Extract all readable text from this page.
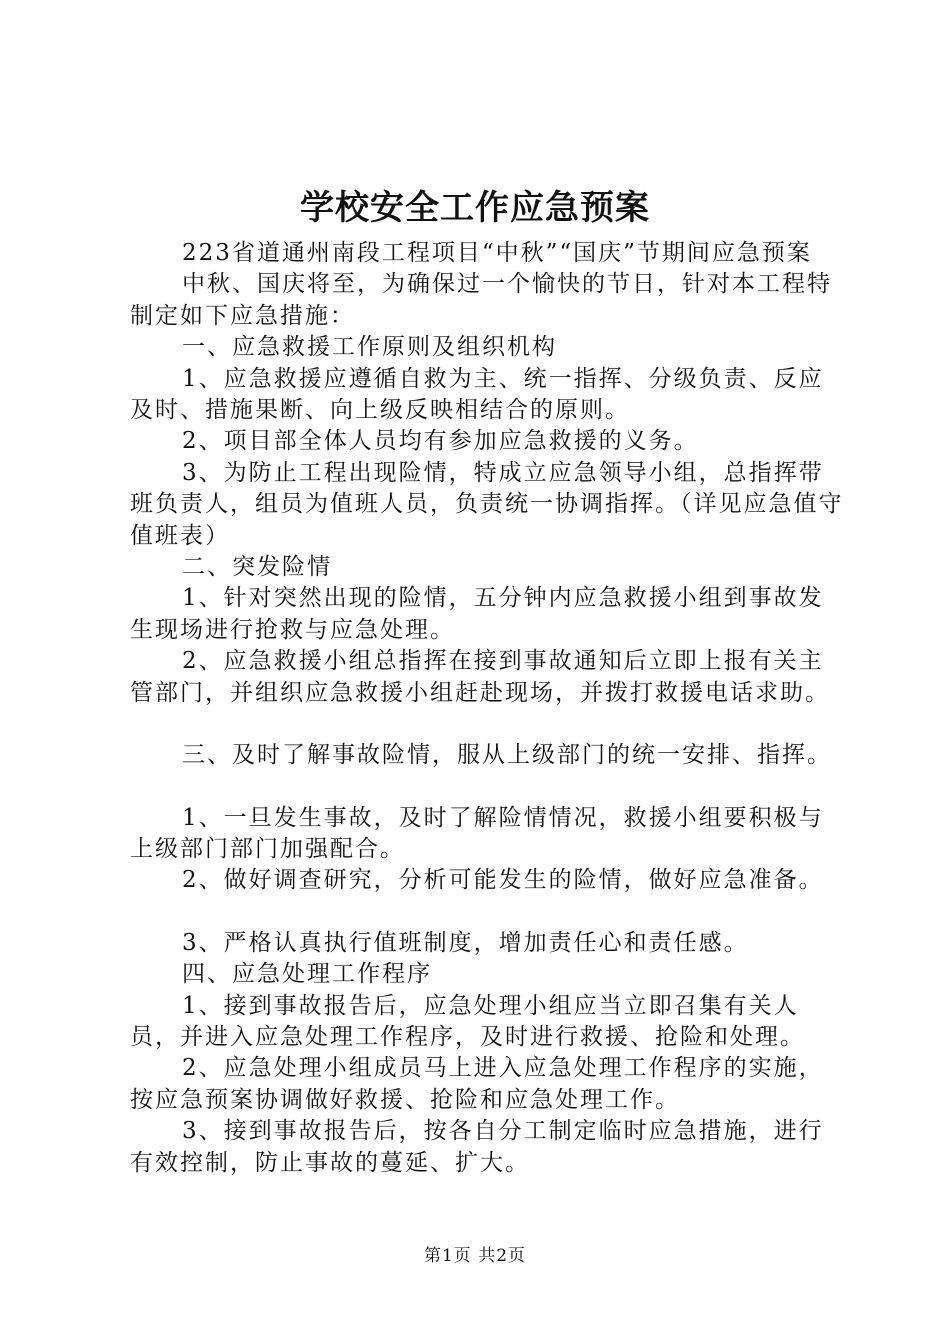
学校安全工作应急预案

223省道通州南段工程项目“中秋”“国庆”节期间应急预案

中秋、国庆将至，为确保过一个愉快的节日，针对本工程特制定如下应急措施：

一、应急救援工作原则及组织机构

1、应急救援应遵循自救为主、统一指挥、分级负责、反应及时、措施果断、向上级反映相结合的原则。

2、项目部全体人员均有参加应急救援的义务。

3、为防止工程出现险情，特成立应急领导小组，总指挥带班负责人，组员为值班人员，负责统一协调指挥。（详见应急值守值班表）

二、突发险情

1、针对突然出现的险情，五分钟内应急救援小组到事故发生现场进行抢救与应急处理。

2、应急救援小组总指挥在接到事故通知后立即上报有关主管部门，并组织应急救援小组赶赴现场，并拨打救援电话求助。

三、及时了解事故险情，服从上级部门的统一安排、指挥。

1、一旦发生事故，及时了解险情情况，救援小组要积极与上级部门部门加强配合。

2、做好调查研究，分析可能发生的险情，做好应急准备。

3、严格认真执行值班制度，增加责任心和责任感。

四、应急处理工作程序

1、接到事故报告后，应急处理小组应当立即召集有关人员，并进入应急处理工作程序，及时进行救援、抢险和处理。

2、应急处理小组成员马上进入应急处理工作程序的实施，按应急预案协调做好救援、抢险和应急处理工作。

3、接到事故报告后，按各自分工制定临时应急措施，进行有效控制，防止事故的蔓延、扩大。

第1页 共2页
